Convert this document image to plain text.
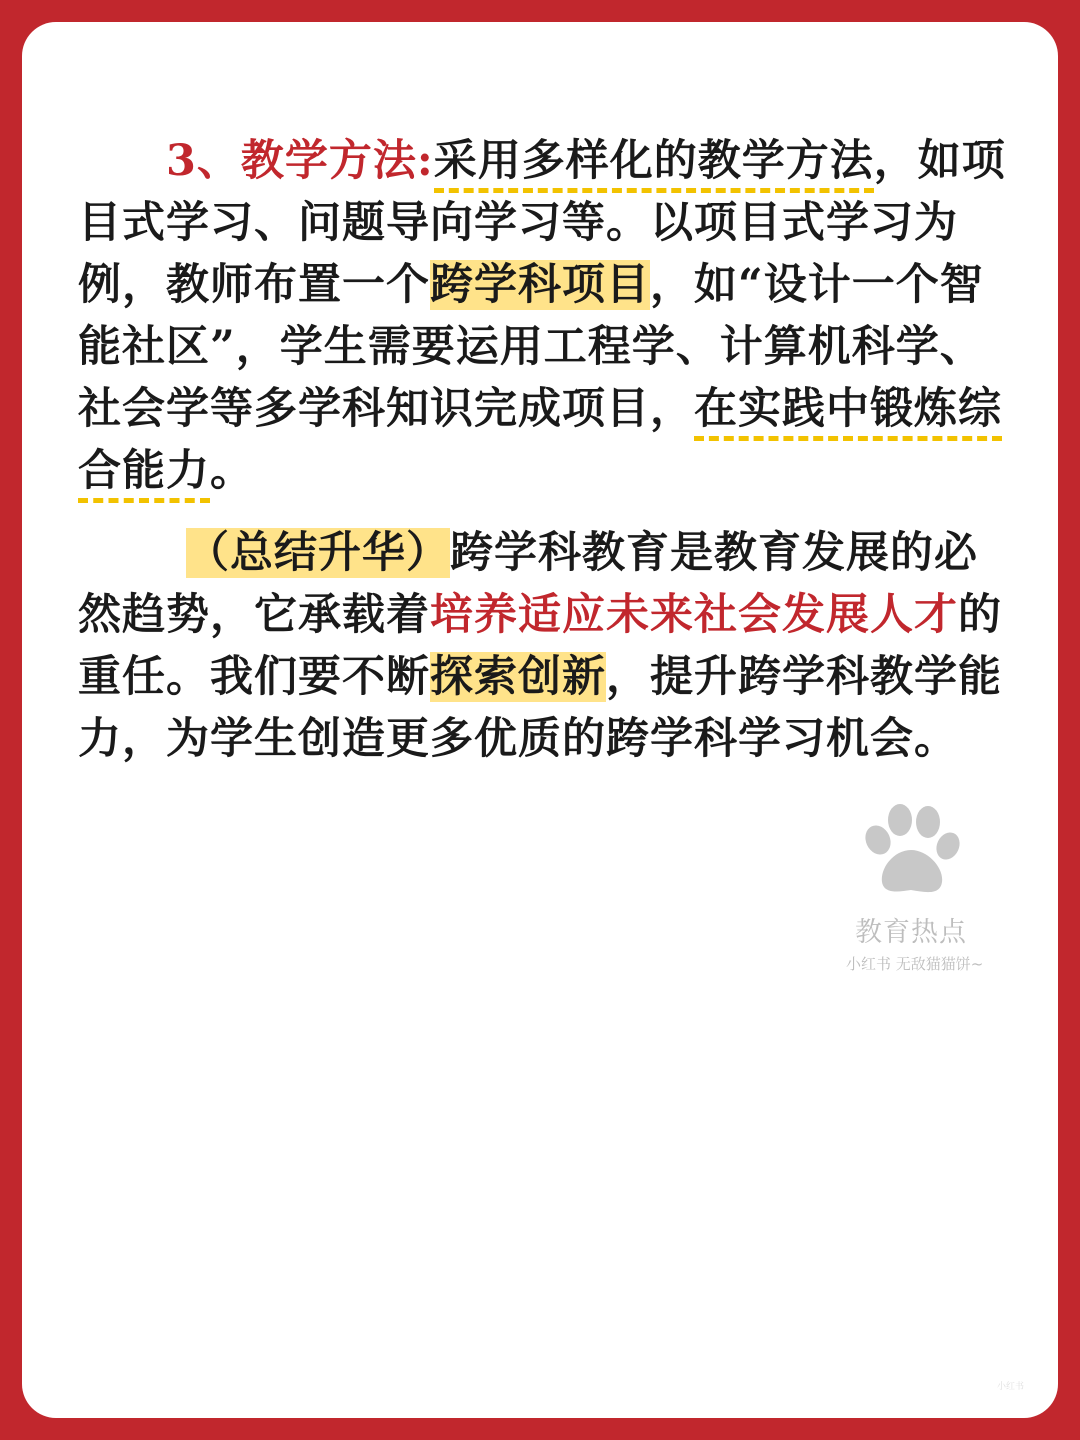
3、教学方法:采用多样化的教学方法，如项目式学习、问题导向学习等。以项目式学习为例，教师布置一个跨学科项目，如“设计一个智能社区”，学生需要运用工程学、计算机科学、社会学等多学科知识完成项目，在实践中锻炼综合能力。

（总结升华）跨学科教育是教育发展的必然趋势，它承载着培养适应未来社会发展人才的重任。我们要不断探索创新，提升跨学科教学能力，为学生创造更多优质的跨学科学习机会。

教育热点
小红书 无敌猫猫饼~
小红书
